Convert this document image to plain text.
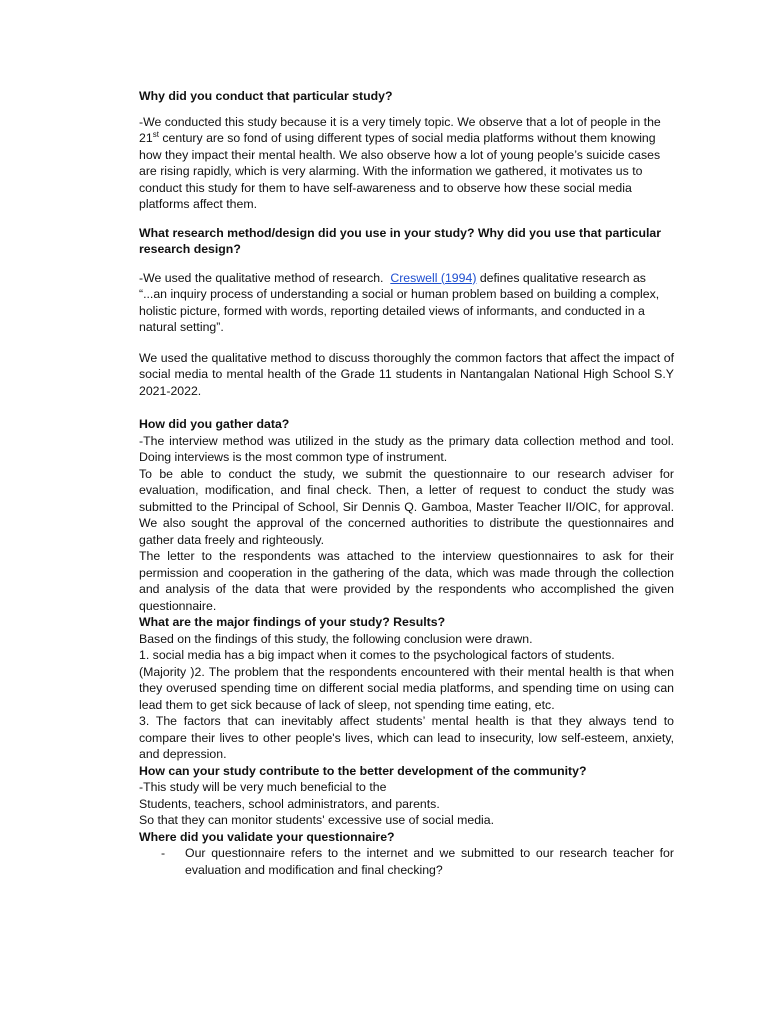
Why did you conduct that particular study?

-We conducted this study because it is a very timely topic. We observe that a lot of people in the 21st century are so fond of using different types of social media platforms without them knowing how they impact their mental health. We also observe how a lot of young people’s suicide cases are rising rapidly, which is very alarming. With the information we gathered, it motivates us to conduct this study for them to have self-awareness and to observe how these social media platforms affect them.

What research method/design did you use in your study? Why did you use that particular research design?

-We used the qualitative method of research.  Creswell (1994) defines qualitative research as “...an inquiry process of understanding a social or human problem based on building a complex, holistic picture, formed with words, reporting detailed views of informants, and conducted in a natural setting”.

We used the qualitative method to discuss thoroughly the common factors that affect the impact of social media to mental health of the Grade 11 students in Nantangalan National High School S.Y 2021-2022.

How did you gather data?

-The interview method was utilized in the study as the primary data collection method and tool. Doing interviews is the most common type of instrument.

To be able to conduct the study, we submit the questionnaire to our research adviser for evaluation, modification, and final check. Then, a letter of request to conduct the study was submitted to the Principal of School, Sir Dennis Q. Gamboa, Master Teacher II/OIC, for approval. We also sought the approval of the concerned authorities to distribute the questionnaires and gather data freely and righteously.

The letter to the respondents was attached to the interview questionnaires to ask for their permission and cooperation in the gathering of the data, which was made through the collection and analysis of the data that were provided by the respondents who accomplished the given questionnaire.

What are the major findings of your study? Results?

Based on the findings of this study, the following conclusion were drawn.

1. social media has a big impact when it comes to the psychological factors of students.

(Majority )2. The problem that the respondents encountered with their mental health is that when they overused spending time on different social media platforms, and spending time on using can lead them to get sick because of lack of sleep, not spending time eating, etc.

3. The factors that can inevitably affect students’ mental health is that they always tend to compare their lives to other people's lives, which can lead to insecurity, low self-esteem, anxiety, and depression.

How can your study contribute to the better development of the community?

-This study will be very much beneficial to the

Students, teachers, school administrators, and parents.

So that they can monitor students' excessive use of social media.

Where did you validate your questionnaire?

-	Our questionnaire refers to the internet and we submitted to our research teacher for evaluation and modification and final checking?
